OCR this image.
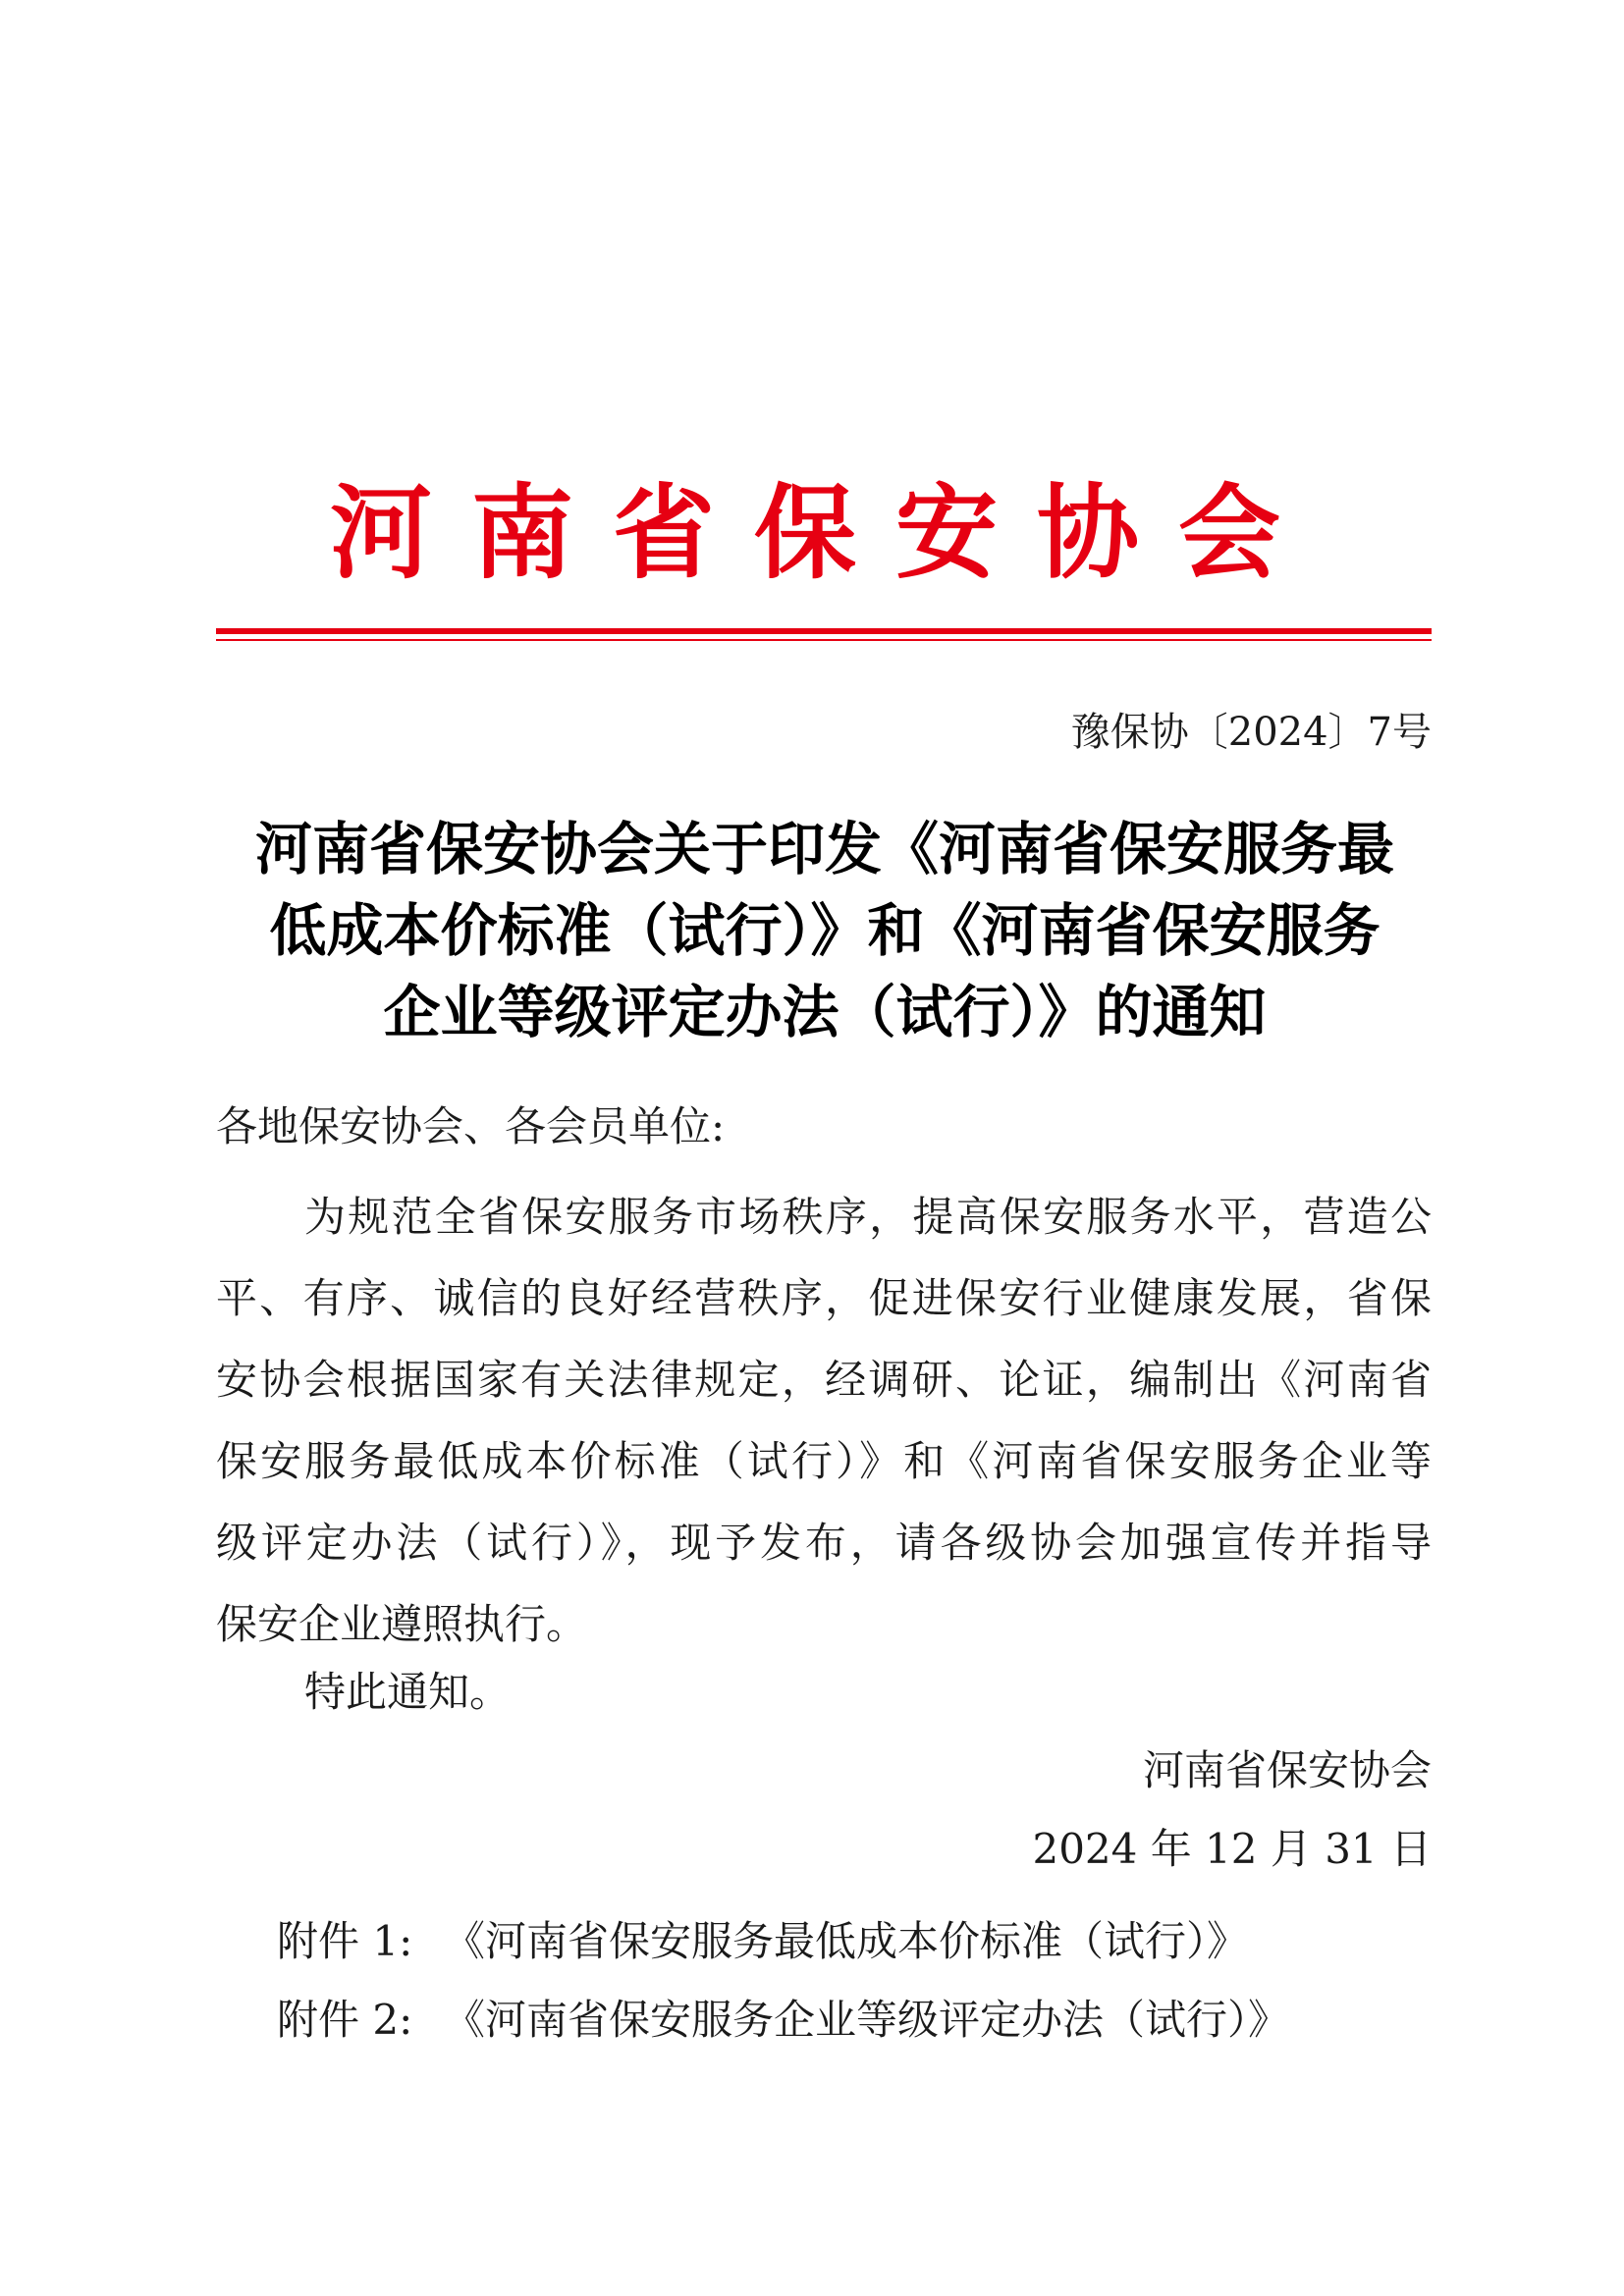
河南省保安协会
豫保协〔2024〕7号
河南省保安协会关于印发《河南省保安服务最
低成本价标准（试行）》和《河南省保安服务
企业等级评定办法（试行）》的通知
各地保安协会、各会员单位:
为规范全省保安服务市场秩序，提高保安服务水平，营造公
平、有序、诚信的良好经营秩序，促进保安行业健康发展，省保
安协会根据国家有关法律规定，经调研、论证，编制出《河南省
保安服务最低成本价标准（试行）》和《河南省保安服务企业等
级评定办法（试行）》，现予发布，请各级协会加强宣传并指导
保安企业遵照执行。
特此通知。
河南省保安协会
2024 年 12 月 31 日
附件 1: 《河南省保安服务最低成本价标准（试行）》
附件 2: 《河南省保安服务企业等级评定办法（试行）》
